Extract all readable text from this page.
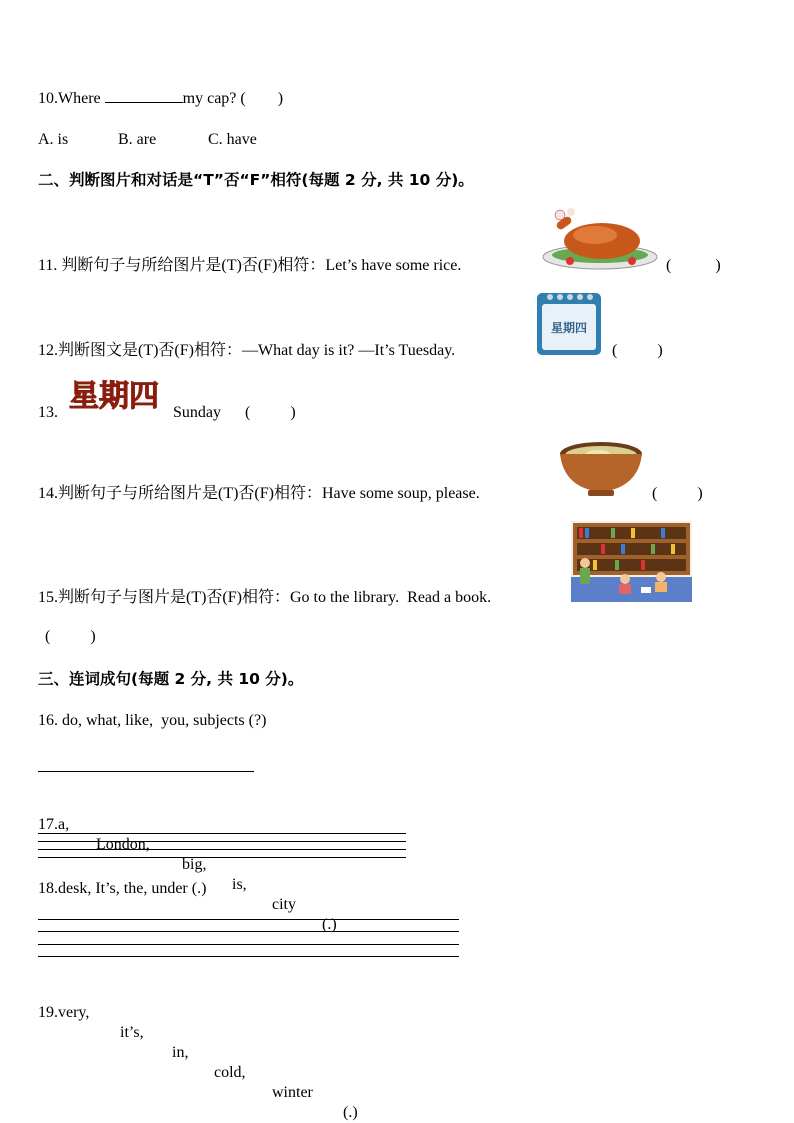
10.Where	my cap? (        )
A. is	B. are	C. have
二、判断图片和对话是“T”否“F”相符(每题 2 分, 共 10 分)。
11. 判断句子与所给图片是(T)否(F)相符：Let’s have some rice.	(           )
12.判断图文是(T)否(F)相符：—What day is it? —It’s Tuesday.
星期四
(          )
13. 星期四 Sunday (          )
14.判断句子与所给图片是(T)否(F)相符：Have some soup, please.	(          )
15.判断句子与图片是(T)否(F)相符：Go to the library.  Read a book.
(          )
三、连词成句(每题 2 分, 共 10 分)。
16. do, what, like,  you, subjects (?)

17.a,

London,

big,

is,

city

(.)

18.desk, It’s, the, under (.)

19.very,

it’s,

in,

cold,

winter

(.)
